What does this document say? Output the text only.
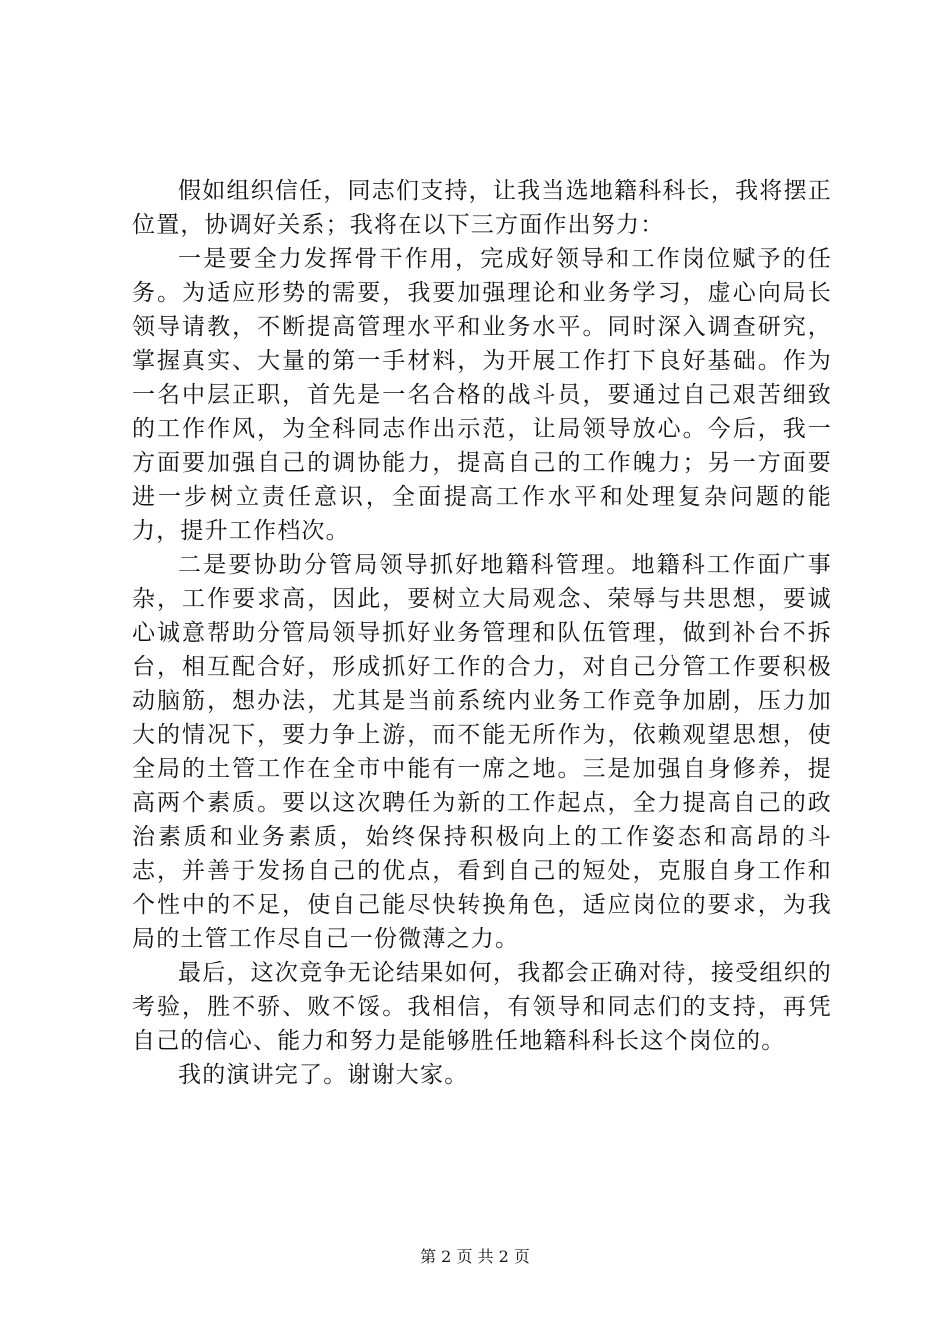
假如组织信任，同志们支持，让我当选地籍科科长，我将摆正位置，协调好关系；我将在以下三方面作出努力：

一是要全力发挥骨干作用，完成好领导和工作岗位赋予的任务。为适应形势的需要，我要加强理论和业务学习，虚心向局长领导请教，不断提高管理水平和业务水平。同时深入调查研究，掌握真实、大量的第一手材料，为开展工作打下良好基础。作为一名中层正职，首先是一名合格的战斗员，要通过自己艰苦细致的工作作风，为全科同志作出示范，让局领导放心。今后，我一方面要加强自己的调协能力，提高自己的工作魄力；另一方面要进一步树立责任意识，全面提高工作水平和处理复杂问题的能力，提升工作档次。

二是要协助分管局领导抓好地籍科管理。地籍科工作面广事杂，工作要求高，因此，要树立大局观念、荣辱与共思想，要诚心诚意帮助分管局领导抓好业务管理和队伍管理，做到补台不拆台，相互配合好，形成抓好工作的合力，对自己分管工作要积极动脑筋，想办法，尤其是当前系统内业务工作竞争加剧，压力加大的情况下，要力争上游，而不能无所作为，依赖观望思想，使全局的土管工作在全市中能有一席之地。三是加强自身修养，提高两个素质。要以这次聘任为新的工作起点，全力提高自己的政治素质和业务素质，始终保持积极向上的工作姿态和高昂的斗志，并善于发扬自己的优点，看到自己的短处，克服自身工作和个性中的不足，使自己能尽快转换角色，适应岗位的要求，为我局的土管工作尽自己一份微薄之力。

最后，这次竞争无论结果如何，我都会正确对待，接受组织的考验，胜不骄、败不馁。我相信，有领导和同志们的支持，再凭自己的信心、能力和努力是能够胜任地籍科科长这个岗位的。

我的演讲完了。谢谢大家。

第 2 页 共 2 页
